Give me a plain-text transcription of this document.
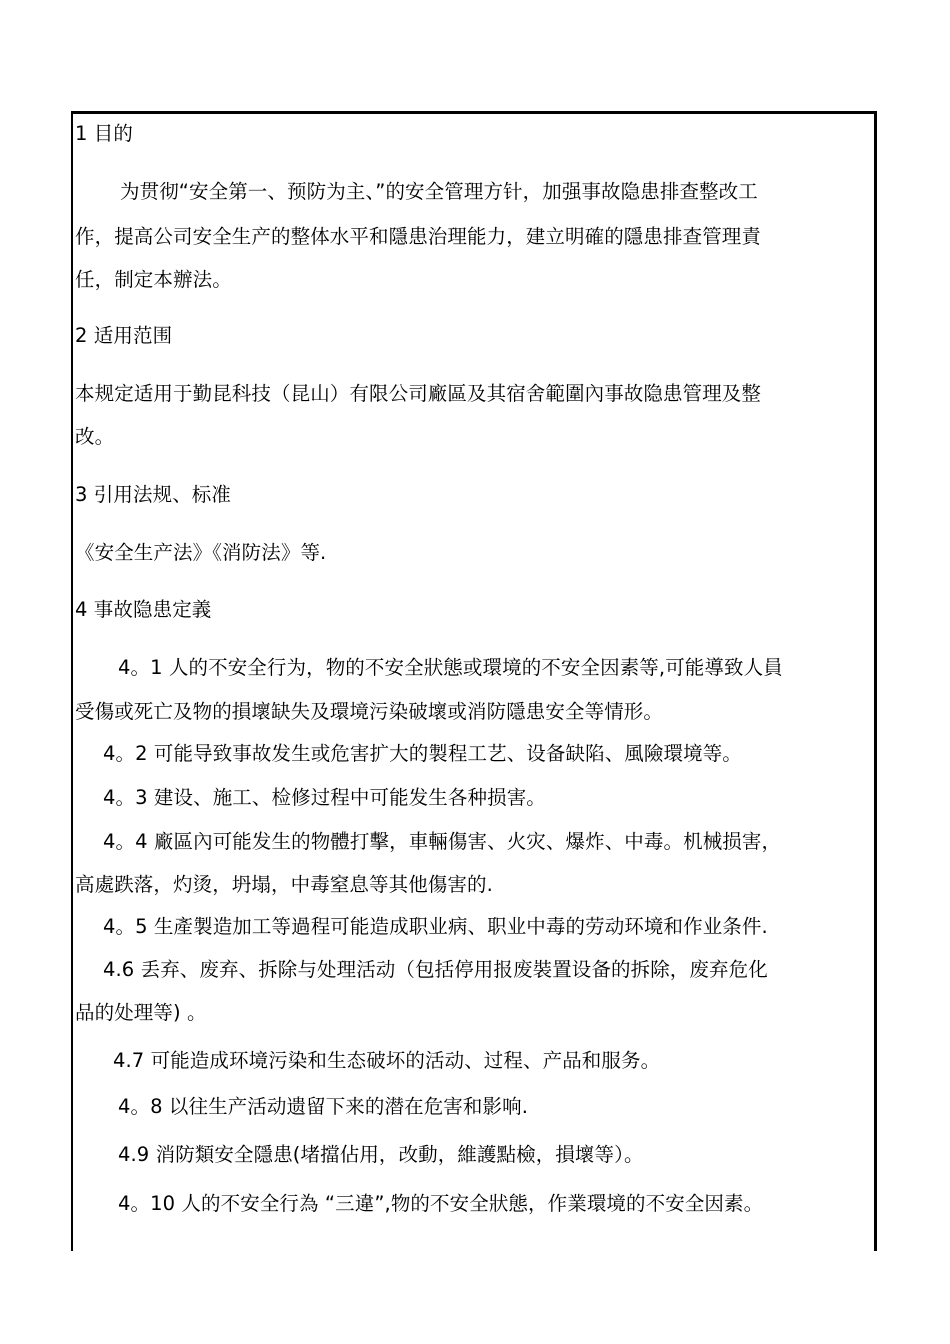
1 目的
为贯彻“安全第一、预防为主、”的安全管理方针，加强事故隐患排查整改工
作，提高公司安全生产的整体水平和隱患治理能力，建立明確的隱患排查管理責
任，制定本辦法。
2 适用范围
本规定适用于勤昆科技（昆山）有限公司廠區及其宿舍範圍內事故隐患管理及整
改。
3 引用法规、标准
《安全生产法》《消防法》等.
4 事故隐患定義
4。1 人的不安全行为，物的不安全狀態或環境的不安全因素等,可能導致人員
受傷或死亡及物的損壞缺失及環境污染破壞或消防隱患安全等情形。
4。2 可能导致事故发生或危害扩大的製程工艺、设备缺陷、風險環境等。
4。3 建设、施工、检修过程中可能发生各种损害。
4。4 廠區內可能发生的物體打擊，車輛傷害、火灾、爆炸、中毒。机械损害，
高處跌落，灼烫，坍塌，中毒窒息等其他傷害的.
4。5 生產製造加工等過程可能造成职业病、职业中毒的劳动环境和作业条件.
4.6 丢弃、废弃、拆除与处理活动（包括停用报废裝置设备的拆除，废弃危化
品的处理等) 。
4.7 可能造成环境污染和生态破坏的活动、过程、产品和服务。
4。8 以往生产活动遗留下来的潜在危害和影响.
4.9 消防類安全隱患(堵擋佔用，改動，維護點檢，損壞等）。
4。10 人的不安全行為 “三違”,物的不安全狀態，作業環境的不安全因素。
